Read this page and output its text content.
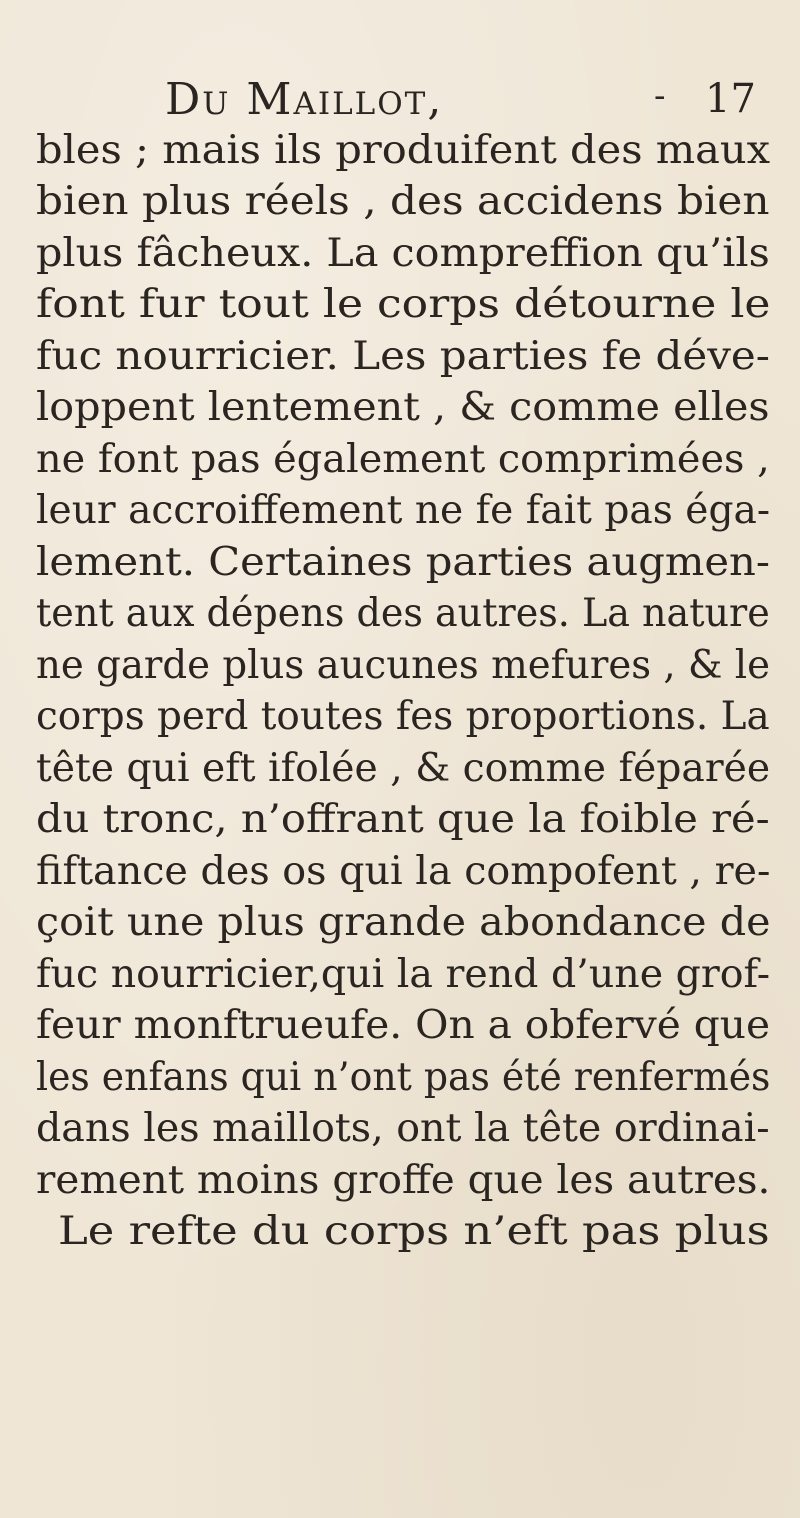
Du Maillot,	- 17
bles ; mais ils produifent des maux
bien plus réels , des accidens bien
plus fâcheux. La compreffion qu’ils
font fur tout le corps détourne le
fuc nourricier. Les parties fe déve-
loppent lentement , & comme elles
ne font pas également comprimées ,
leur accroiffement ne fe fait pas éga-
lement. Certaines parties augmen-
tent aux dépens des autres. La nature
ne garde plus aucunes mefures , & le
corps perd toutes fes proportions. La
tête qui eft ifolée , & comme féparée
du tronc, n’offrant que la foible ré-
fiftance des os qui la compofent , re-
çoit une plus grande abondance de
fuc nourricier,qui la rend d’une grof-
feur monftrueufe. On a obfervé que
les enfans qui n’ont pas été renfermés
dans les maillots, ont la tête ordinai-
rement moins groffe que les autres.
Le refte du corps n’eft pas plus
